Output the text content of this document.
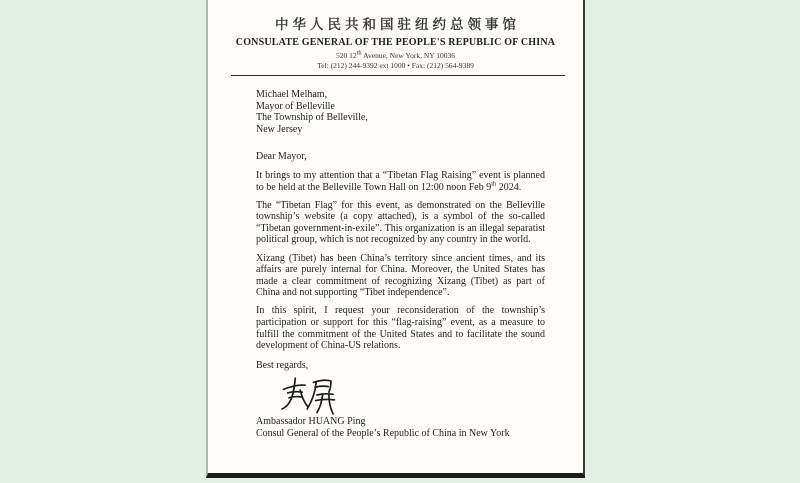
中华人民共和国驻纽约总领事馆
CONSULATE GENERAL OF THE PEOPLE'S REPUBLIC OF CHINA
520 12th Avenue, New York, NY 10036
Tel: (212) 244-9392 ext 1000 • Fax: (212) 564-9389

Michael Melham,

Mayor of Belleville

The Township of Belleville,

New Jersey

Dear Mayor,

It brings to my attention that a “Tibetan Flag Raising” event is planned to be held at the Belleville Town Hall on 12:00 noon Feb 9th 2024.

The “Tibetan Flag” for this event, as demonstrated on the Belleville township’s website (a copy attached), is a symbol of the so-called “Tibetan government-in-exile”. This organization is an illegal separatist political group, which is not recognized by any country in the world.

Xizang (Tibet) has been China’s territory since ancient times, and its affairs are purely internal for China. Moreover, the United States has made a clear commitment of recognizing Xizang (Tibet) as part of China and not supporting “Tibet independence”.

In this spirit, I request your reconsideration of the township’s participation or support for this “flag-raising” event, as a measure to fulfill the commitment of the United States and to facilitate the sound development of China-US relations.

Best regards,

Ambassador HUANG Ping

Consul General of the People’s Republic of China in New York
